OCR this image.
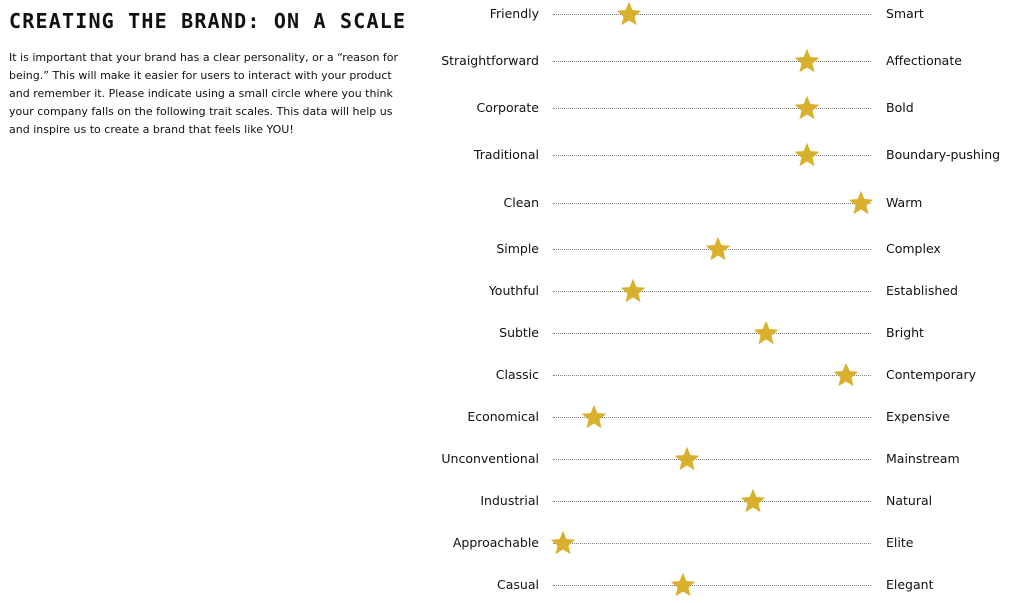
CREATING THE BRAND: ON A SCALE

It is important that your brand has a clear personality, or a “reason for being.” This will make it easier for users to interact with your product and remember it. Please indicate using a small circle where you think your company falls on the following trait scales. This data will help us and inspire us to create a brand that feels like YOU!

Friendly	Smart
Straightforward	Affectionate
Corporate	Bold
Traditional	Boundary-pushing
Clean	Warm
Simple	Complex
Youthful	Established
Subtle	Bright
Classic	Contemporary
Economical	Expensive
Unconventional	Mainstream
Industrial	Natural
Approachable	Elite
Casual	Elegant
